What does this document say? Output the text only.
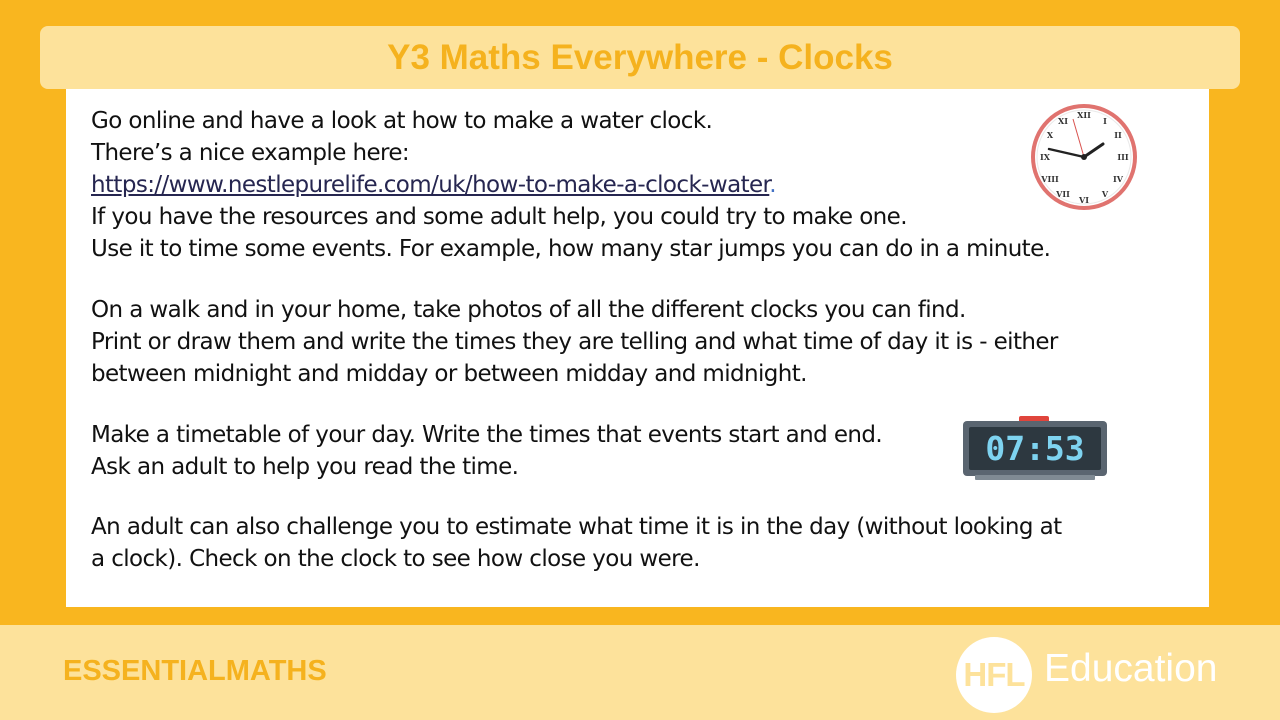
Y3 Maths Everywhere - Clocks
Go online and have a look at how to make a water clock.
There’s a nice example here:
https://www.nestlepurelife.com/uk/how-to-make-a-clock-water.
If you have the resources and some adult help, you could try to make one.
Use it to time some events. For example, how many star jumps you can do in a minute.
On a walk and in your home, take photos of all the different clocks you can find.
Print or draw them and write the times they are telling and what time of day it is - either
between midnight and midday or between midday and midnight.
Make a timetable of your day. Write the times that events start and end.
Ask an adult to help you read the time.
An adult can also challenge you to estimate what time it is in the day (without looking at
a clock). Check on the clock to see how close you were.
XII
I
II
III
IV
V
VI
VII
VIII
IX
X
XI
07:53
ESSENTIALMATHS	HFL Education
